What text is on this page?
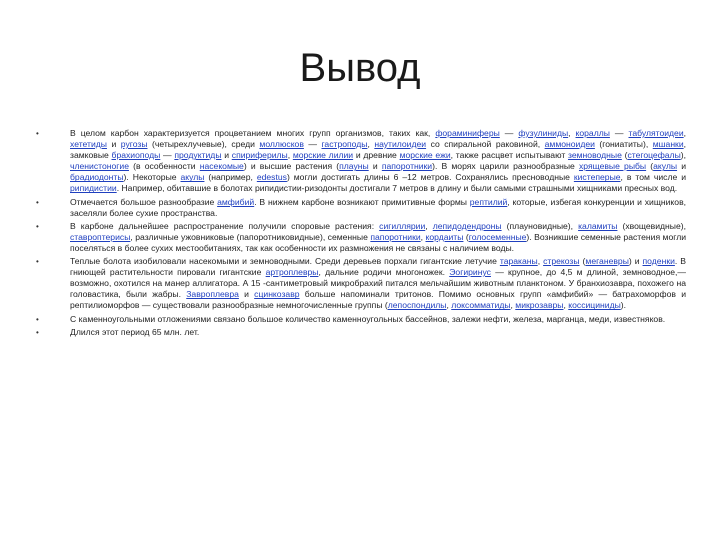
Вывод
•	В целом карбон характеризуется процветанием многих групп организмов, таких как, фораминиферы — фузулиниды, кораллы — табулятоидеи, хететиды и ругозы (четырехлучевые), среди моллюсков — гастроподы, наутилоидеи со спиральной раковиной, аммоноидеи (гониатиты), мшанки, замковые брахиоподы — продуктиды и спириферилы, морские лилии и древние морские ежи, также расцвет испытывают земноводные (стегоцефалы), членистоногие (в особенности насекомые) и высшие растения (плауны и папоротники). В морях царили разнообразные хрящевые рыбы (акулы и брадиодонты). Некоторые акулы (например, edestus) могли достигать длины 6 –12 метров. Сохранялись пресноводные кистеперые, в том числе и рипидистии. Например, обитавшие в болотах рипидистии-ризодонты достигали 7 метров в длину и были самыми страшными хищниками пресных вод.
•	Отмечается большое разнообразие амфибий. В нижнем карбоне возникают примитивные формы рептилий, которые, избегая конкуренции и хищников, заселяли более сухие пространства.
•	В карбоне дальнейшее распространение получили споровые растения: сигиллярии, лепидодендроны (плауновидные), каламиты (хвощевидные), ставроптерисы, различные ужовниковые (папоротниковидные), семенные папоротники, кордаиты (голосеменные). Возникшие семенные растения могли поселяться в более сухих местообитаниях, так как особенности их размножения не связаны с наличием воды.
•	Теплые болота изобиловали насекомыми и земноводными. Среди деревьев порхали гигантские летучие тараканы, стрекозы (меганевры) и поденки. В гниющей растительности пировали гигантские артроплевры, дальние родичи многоножек. Эогиринус — крупное, до 4,5 м длиной, земноводное,— возможно, охотился на манер аллигатора. А 15 -сантиметровый микробрахий питался мельчайшим животным планктоном. У бранхиозавра, похожего на головастика, были жабры. Завроплевра и сцинкозавр больше напоминали тритонов. Помимо основных групп «амфибий» — батрахоморфов и рептилиоморфов — существовали разнообразные немногочисленные группы (лепоспондилы, локсомматиды, микрозавры, коссициниды).
•	С каменноугольными отложениями связано большое количество каменноугольных бассейнов, залежи нефти, железа, марганца, меди, известняков.
•	Длился этот период 65 млн. лет.
